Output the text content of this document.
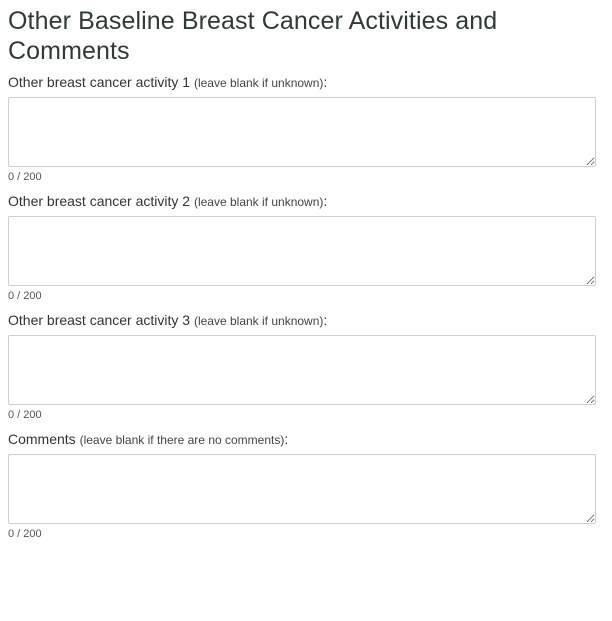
Other Baseline Breast Cancer Activities and Comments
Other breast cancer activity 1 (leave blank if unknown):
0 / 200
Other breast cancer activity 2 (leave blank if unknown):
0 / 200
Other breast cancer activity 3 (leave blank if unknown):
0 / 200
Comments (leave blank if there are no comments):
0 / 200
